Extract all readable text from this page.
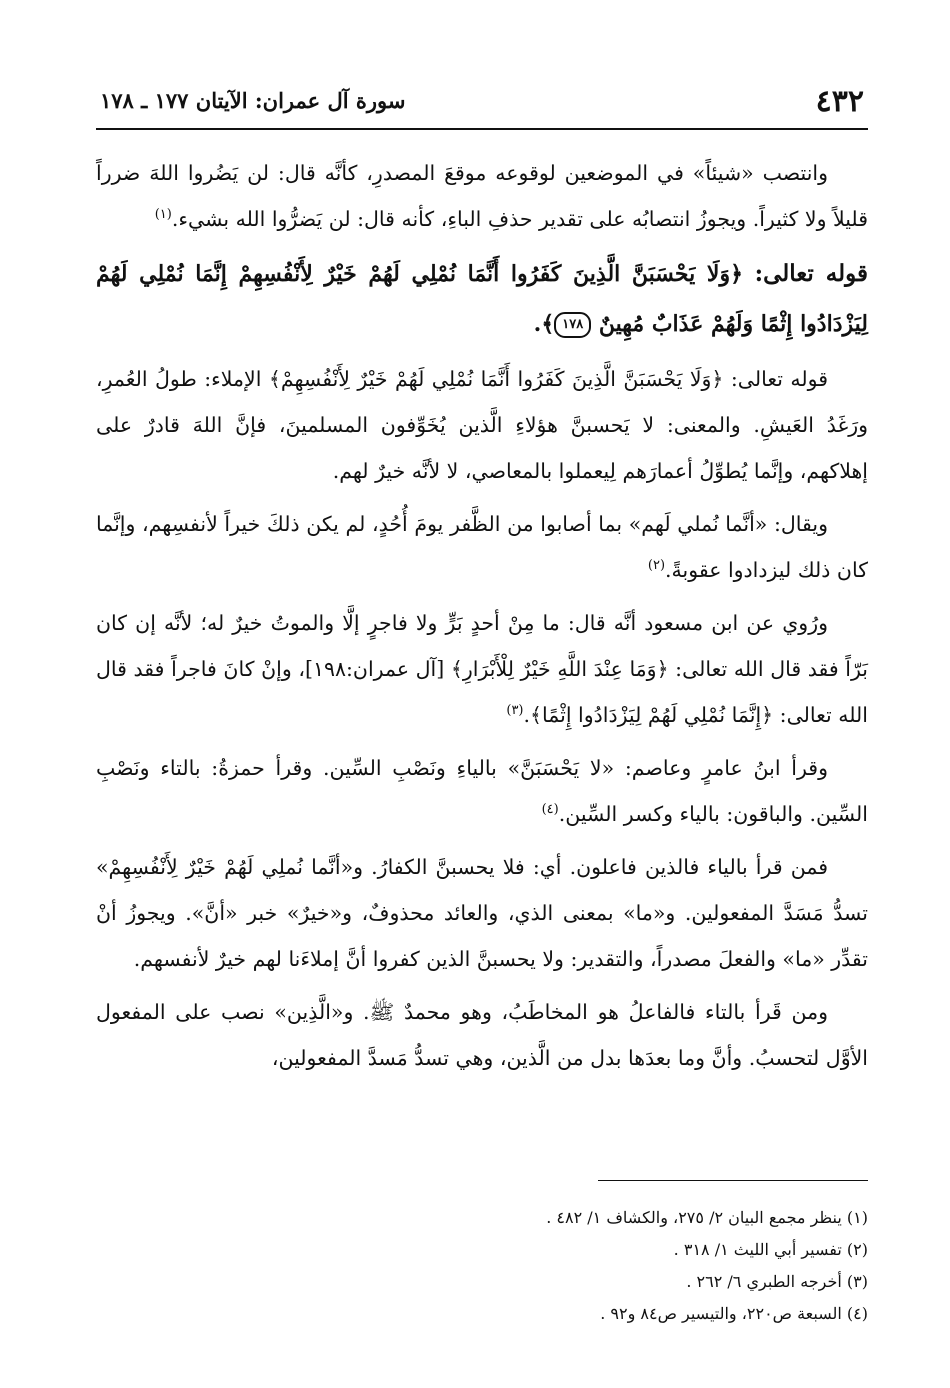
٤٣٢
سورة آل عمران: الآيتان ١٧٧ ـ ١٧٨

وانتصب «شيئاً» في الموضعين لوقوعه موقعَ المصدرِ، كأنَّه قال: لن يَضُروا اللهَ ضرراً قليلاً ولا كثيراً. ويجوزُ انتصابُه على تقدير حذفِ الباءِ، كأنه قال: لن يَضرُّوا الله بشيء.$^{(١)}$

قوله تعالى: ﴿وَلَا يَحْسَبَنَّ الَّذِينَ كَفَرُوا أَنَّمَا نُمْلِي لَهُمْ خَيْرٌ لِأَنْفُسِهِمْ إِنَّمَا نُمْلِي لَهُمْ لِيَزْدَادُوا إِثْمًا وَلَهُمْ عَذَابٌ مُهِينٌ ١٧٨﴾.

قوله تعالى: ﴿وَلَا يَحْسَبَنَّ الَّذِينَ كَفَرُوا أَنَّمَا نُمْلِي لَهُمْ خَيْرٌ لِأَنْفُسِهِمْ﴾ الإملاء: طولُ العُمرِ، ورَغَدُ العَيشِ. والمعنى: لا يَحسبنَّ هؤلاءِ الَّذين يُخَوِّفون المسلمينَ، فإنَّ اللهَ قادرٌ على إهلاكهم، وإنَّما يُطوِّلُ أعمارَهم لِيعملوا بالمعاصي، لا لأنَّه خيرٌ لهم.

ويقال: «أنَّما نُملي لَهم» بما أصابوا من الظَّفر يومَ أُحُدٍ، لم يكن ذلكَ خيراً لأنفسِهم، وإنَّما كان ذلك ليزدادوا عقوبةً.$^{(٢)}$

ورُوي عن ابن مسعود أنَّه قال: ما مِنْ أحدٍ بَرٍّ ولا فاجرٍ إلَّا والموتُ خيرٌ له؛ لأنَّه إن كان بَرّاً فقد قال الله تعالى: ﴿وَمَا عِنْدَ اللَّهِ خَيْرٌ لِلْأَبْرَارِ﴾ [آل عمران:١٩٨]، وإنْ كانَ فاجراً فقد قال الله تعالى: ﴿إِنَّمَا نُمْلِي لَهُمْ لِيَزْدَادُوا إِثْمًا﴾.$^{(٣)}$

وقرأ ابنُ عامرٍ وعاصم: «لا يَحْسَبَنَّ» بالياءِ ونَصْبِ السِّين. وقرأ حمزةُ: بالتاء ونَصْبِ السِّين. والباقون: بالياء وكسر السِّين.$^{(٤)}$

فمن قرأ بالياء فالذين فاعلون. أي: فلا يحسبنَّ الكفارُ. و«أنَّما نُملِي لَهُمْ خَيْرٌ لِأَنْفُسِهِمْ» تسدُّ مَسَدَّ المفعولين. و«ما» بمعنى الذي، والعائد محذوفٌ، و«خيرٌ» خبر «أنَّ». ويجوزُ أنْ تقدِّر «ما» والفعلَ مصدراً، والتقدير: ولا يحسبنَّ الذين كفروا أنَّ إملاءَنا لهم خيرٌ لأنفسهم.

ومن قَرأ بالتاء فالفاعلُ هو المخاطَبُ، وهو محمدٌ ﷺ. و«الَّذِين» نصب على المفعول الأوَّل لتحسبُ. وأنَّ وما بعدَها بدل من الَّذين، وهي تسدُّ مَسدَّ المفعولين،

(١) ينظر مجمع البيان ٢/ ٢٧٥، والكشاف ١/ ٤٨٢ .

(٢) تفسير أبي الليث ١/ ٣١٨ .

(٣) أخرجه الطبري ٦/ ٢٦٢ .

(٤) السبعة ص٢٢٠، والتيسير ص٨٤ و٩٢ .
